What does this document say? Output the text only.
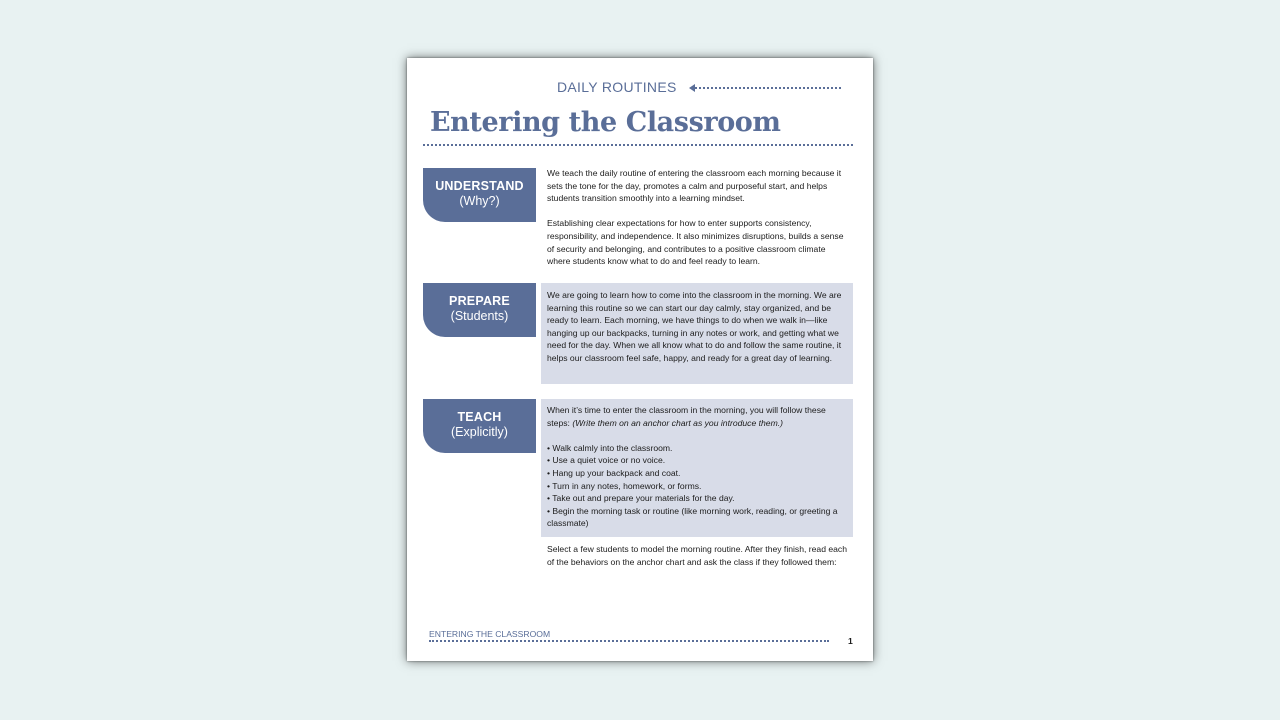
DAILY ROUTINES
Entering the Classroom
UNDERSTAND
(Why?)

We teach the daily routine of entering the classroom each morning because it sets the tone for the day, promotes a calm and purposeful start, and helps students transition smoothly into a learning mindset.

Establishing clear expectations for how to enter supports consistency, responsibility, and independence. It also minimizes disruptions, builds a sense of security and belonging, and contributes to a positive classroom climate where students know what to do and feel ready to learn.

PREPARE
(Students)

We are going to learn how to come into the classroom in the morning. We are learning this routine so we can start our day calmly, stay organized, and be ready to learn. Each morning, we have things to do when we walk in—like hanging up our backpacks, turning in any notes or work, and getting what we need for the day. When we all know what to do and follow the same routine, it helps our classroom feel safe, happy, and ready for a great day of learning.

TEACH
(Explicitly)

When it’s time to enter the classroom in the morning, you will follow these steps: (Write them on an anchor chart as you introduce them.)

• Walk calmly into the classroom.

• Use a quiet voice or no voice.

• Hang up your backpack and coat.

• Turn in any notes, homework, or forms.

• Take out and prepare your materials for the day.

• Begin the morning task or routine (like morning work, reading, or greeting a classmate)

Select a few students to model the morning routine. After they finish, read each of the behaviors on the anchor chart and ask the class if they followed them:

ENTERING THE CLASSROOM
1
